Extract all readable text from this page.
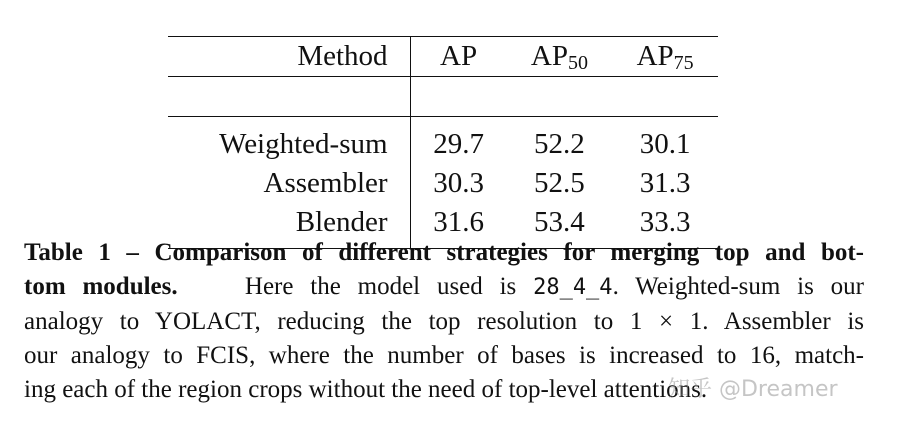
Method	AP	$AP_{50}$	$AP_{75}$

Weighted-sum	29.7	52.2	30.1
Assembler	30.3	52.5	31.3
Blender	31.6	53.4	33.3
Table 1 – Comparison of different strategies for merging top and bot-
tom modules.	Here the model used is 28_4_4. Weighted-sum is our
analogy to YOLACT, reducing the top resolution to 1 × 1. Assembler is
our analogy to FCIS, where the number of bases is increased to 16, match-
ing each of the region crops without the need of top-level attentions.
知乎 @Dreamer
